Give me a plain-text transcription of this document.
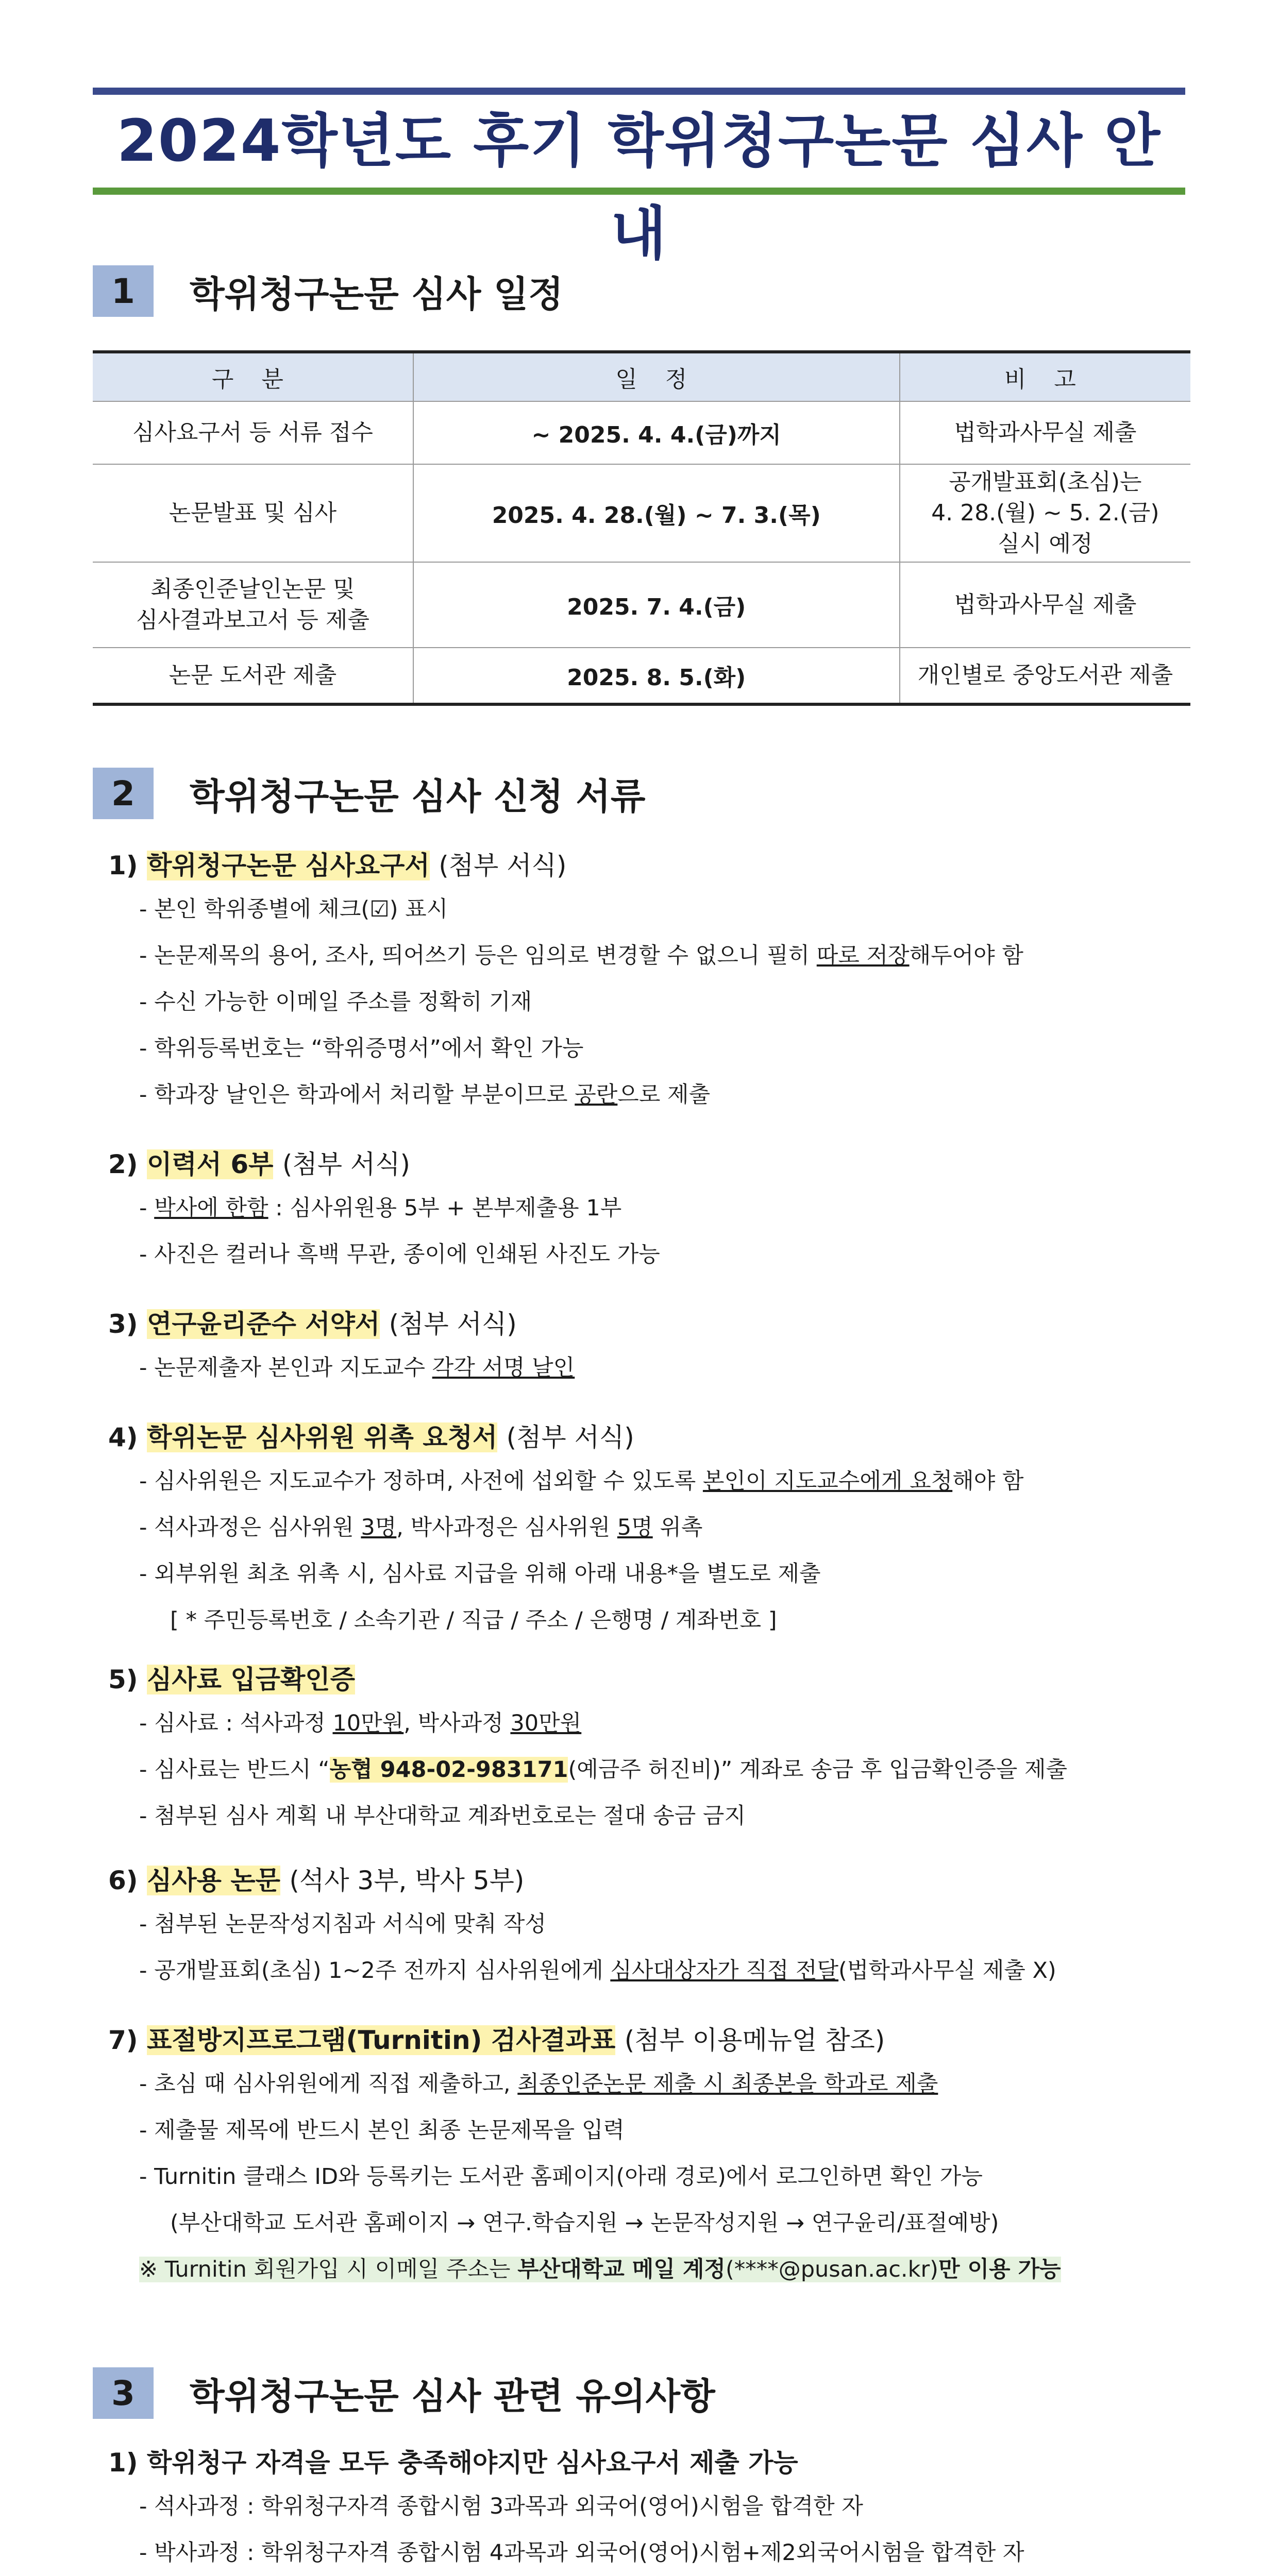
2024학년도 후기 학위청구논문 심사 안내
1	학위청구논문 심사 일정
구 분	일 정	비 고

심사요구서 등 서류 접수	~ 2025. 4. 4.(금)까지	법학과사무실 제출

논문발표 및 심사	2025. 4. 28.(월) ~ 7. 3.(목)	공개발표회(초심)는
4. 28.(월) ~ 5. 2.(금)
실시 예정

최종인준날인논문 및
심사결과보고서 등 제출	2025. 7. 4.(금)	법학과사무실 제출

논문 도서관 제출	2025. 8. 5.(화)	개인별로 중앙도서관 제출
2	학위청구논문 심사 신청 서류
1) 학위청구논문 심사요구서 (첨부 서식)
- 본인 학위종별에 체크(☑) 표시
- 논문제목의 용어, 조사, 띄어쓰기 등은 임의로 변경할 수 없으니 필히 따로 저장해두어야 함
- 수신 가능한 이메일 주소를 정확히 기재
- 학위등록번호는 “학위증명서”에서 확인 가능
- 학과장 날인은 학과에서 처리할 부분이므로 공란으로 제출
2) 이력서 6부 (첨부 서식)
- 박사에 한함 : 심사위원용 5부 + 본부제출용 1부
- 사진은 컬러나 흑백 무관, 종이에 인쇄된 사진도 가능
3) 연구윤리준수 서약서 (첨부 서식)
- 논문제출자 본인과 지도교수 각각 서명 날인
4) 학위논문 심사위원 위촉 요청서 (첨부 서식)
- 심사위원은 지도교수가 정하며, 사전에 섭외할 수 있도록 본인이 지도교수에게 요청해야 함
- 석사과정은 심사위원 3명, 박사과정은 심사위원 5명 위촉
- 외부위원 최초 위촉 시, 심사료 지급을 위해 아래 내용*을 별도로 제출
[ * 주민등록번호 / 소속기관 / 직급 / 주소 / 은행명 / 계좌번호 ]
5) 심사료 입금확인증
- 심사료 : 석사과정 10만원, 박사과정 30만원
- 심사료는 반드시 “농협 948-02-983171(예금주 허진비)” 계좌로 송금 후 입금확인증을 제출
- 첨부된 심사 계획 내 부산대학교 계좌번호로는 절대 송금 금지
6) 심사용 논문 (석사 3부, 박사 5부)
- 첨부된 논문작성지침과 서식에 맞춰 작성
- 공개발표회(초심) 1~2주 전까지 심사위원에게 심사대상자가 직접 전달(법학과사무실 제출 X)
7) 표절방지프로그램(Turnitin) 검사결과표 (첨부 이용메뉴얼 참조)
- 초심 때 심사위원에게 직접 제출하고, 최종인준논문 제출 시 최종본을 학과로 제출
- 제출물 제목에 반드시 본인 최종 논문제목을 입력
- Turnitin 클래스 ID와 등록키는 도서관 홈페이지(아래 경로)에서 로그인하면 확인 가능
(부산대학교 도서관 홈페이지 → 연구.학습지원 → 논문작성지원 → 연구윤리/표절예방)
※ Turnitin 회원가입 시 이메일 주소는 부산대학교 메일 계정(****@pusan.ac.kr)만 이용 가능
3	학위청구논문 심사 관련 유의사항
1) 학위청구 자격을 모두 충족해야지만 심사요구서 제출 가능
- 석사과정 : 학위청구자격 종합시험 3과목과 외국어(영어)시험을 합격한 자
- 박사과정 : 학위청구자격 종합시험 4과목과 외국어(영어)시험+제2외국어시험을 합격한 자
